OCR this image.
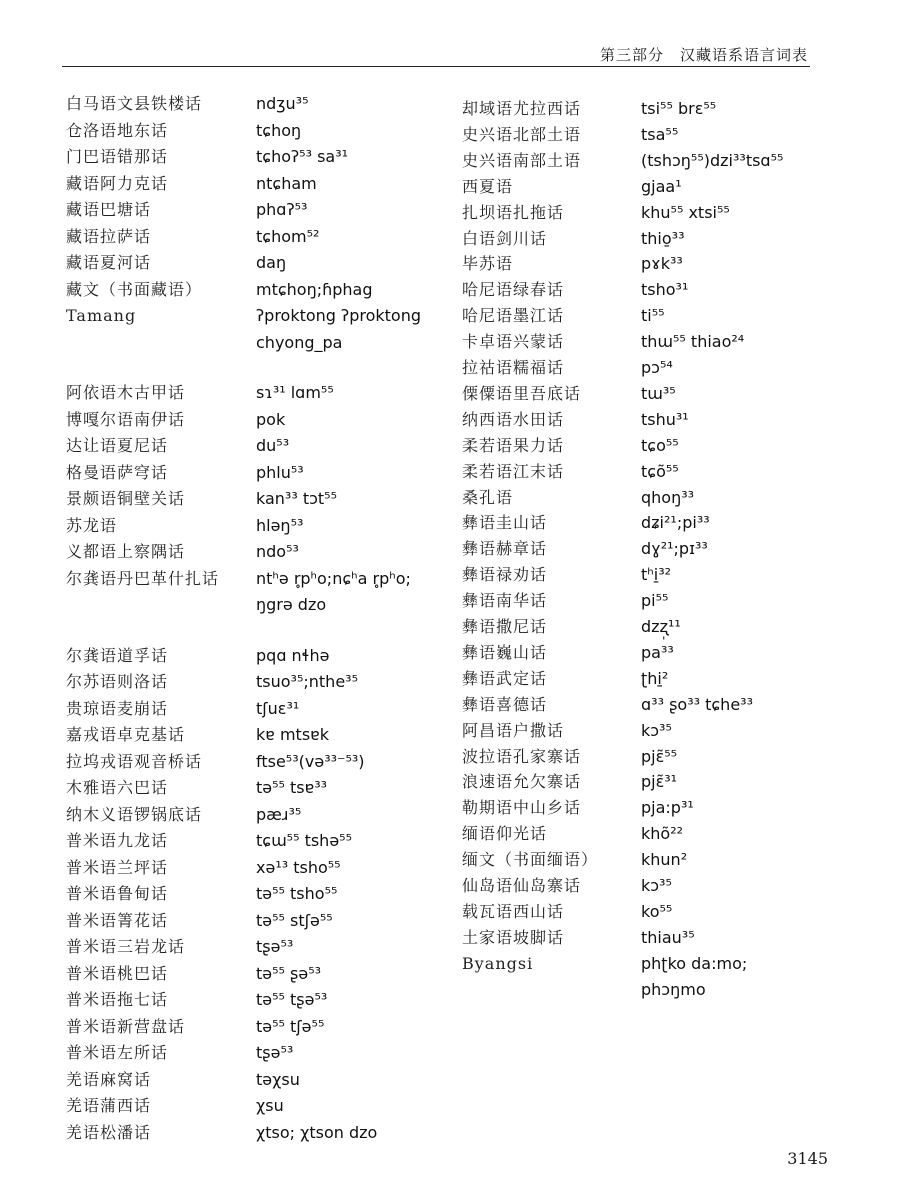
第三部分　汉藏语系语言词表
白马语文县铁楼话	ndʒu³⁵
仓洛语地东话	tɕhoŋ
门巴语错那话	tɕhoʔ⁵³ sa³¹
藏语阿力克话	ntɕham
藏语巴塘话	phɑʔ⁵³
藏语拉萨话	tɕhom⁵²
藏语夏河话	daŋ
藏文（书面藏语）	mtɕhoŋ;ɦphag
Tamang	ʔproktong ʔproktong
chyong_pa
阿依语木古甲话	sɿ³¹ lɑm⁵⁵
博嘎尔语南伊话	pok
达让语夏尼话	du⁵³
格曼语萨穹话	phlu⁵³
景颇语铜壁关话	kan³³ tɔt⁵⁵
苏龙语	hləŋ⁵³
义都语上察隅话	ndo⁵³
尔龚语丹巴革什扎话 ntʰə r̥pʰo;nɕʰa r̥pʰo;
ŋgrə dzo
尔龚语道孚话	pqɑ nɬhə
尔苏语则洛话	tsuo³⁵;nthe³⁵
贵琼语麦崩话	tʃuɛ³¹
嘉戎语卓克基话	kɐ mtsɐk
拉坞戎语观音桥话	ftse⁵³(və³³⁻⁵³)
木雅语六巴话	tə⁵⁵ tsɐ³³
纳木义语锣锅底话	pæɹ³⁵
普米语九龙话	tɕɯ⁵⁵ tshə⁵⁵
普米语兰坪话	xə¹³ tsho⁵⁵
普米语鲁甸话	tə⁵⁵ tsho⁵⁵
普米语箐花话	tə⁵⁵ stʃə⁵⁵
普米语三岩龙话	tʂə⁵³
普米语桃巴话	tə⁵⁵ ʂə⁵³
普米语拖七话	tə⁵⁵ tʂə⁵³
普米语新营盘话	tə⁵⁵ tʃə⁵⁵
普米语左所话	tʂə⁵³
羌语麻窝话	təχsu
羌语蒲西话	χsu
羌语松潘话	χtso; χtson dzo
却域语尤拉西话	tsi⁵⁵ brɛ⁵⁵
史兴语北部土语	tsa⁵⁵
史兴语南部土语	(tshɔŋ⁵⁵)dzi³³tsɑ⁵⁵
西夏语	gjaa¹
扎坝语扎拖话	khu⁵⁵ xtsi⁵⁵
白语剑川话	thio̱³³
毕苏语	pɤk³³
哈尼语绿春话	tsho³¹
哈尼语墨江话	ti⁵⁵
卡卓语兴蒙话	thɯ⁵⁵ thiao²⁴
拉祜语糯福话	pɔ⁵⁴
傈僳语里吾底话	tɯ³⁵
纳西语水田话	tshu³¹
柔若语果力话	tɕo⁵⁵
柔若语江末话	tɕõ⁵⁵
桑孔语	qhoŋ³³
彝语圭山话	dʑi²¹;pi³³
彝语赫章话	dɣ²¹;pɪ³³
彝语禄劝话	tʰi̱³²
彝语南华话	pi⁵⁵
彝语撒尼话	dzʐ̩¹¹
彝语巍山话	pa³³
彝语武定话	ʈhi̱²
彝语喜德话	ɑ³³ ʂo³³ tɕhe³³
阿昌语户撒话	kɔ³⁵
波拉语孔家寨话	pjɛ̃⁵⁵
浪速语允欠寨话	pjɛ̃³¹
勒期语中山乡话	pja:p³¹
缅语仰光话	khõ²²
缅文（书面缅语）	khun²
仙岛语仙岛寨话	kɔ³⁵
载瓦语西山话	ko⁵⁵
土家语坡脚话	thiau³⁵
Byangsi	phʈko da:mo;
phɔŋmo
3145
